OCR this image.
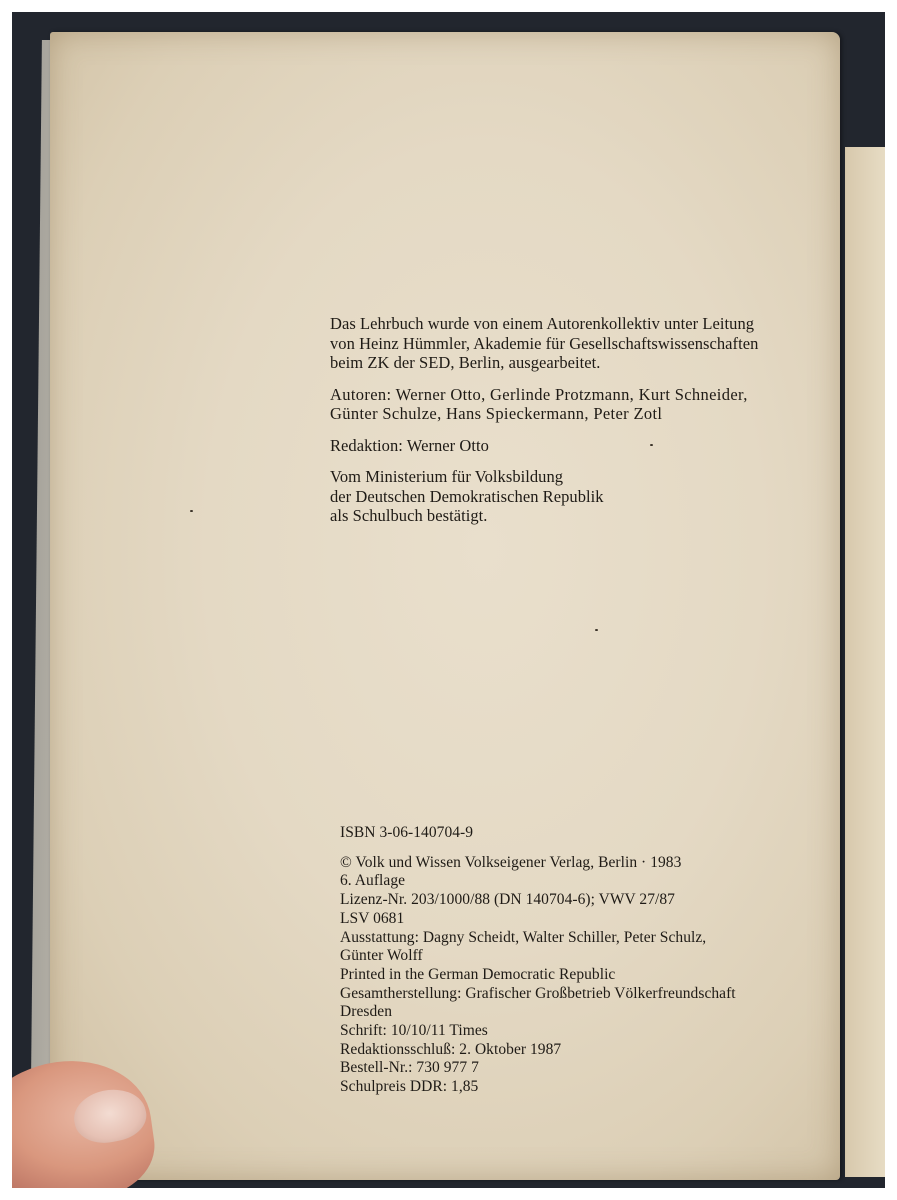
Das Lehrbuch wurde von einem Autorenkollektiv unter Leitung
von Heinz Hümmler, Akademie für Gesellschaftswissenschaften
beim ZK der SED, Berlin, ausgearbeitet.
Autoren: Werner Otto, Gerlinde Protzmann, Kurt Schneider,
Günter Schulze, Hans Spieckermann, Peter Zotl
Redaktion: Werner Otto
Vom Ministerium für Volksbildung
der Deutschen Demokratischen Republik
als Schulbuch bestätigt.
ISBN 3-06-140704-9
© Volk und Wissen Volkseigener Verlag, Berlin · 1983
6. Auflage
Lizenz-Nr. 203/1000/88 (DN 140704-6); VWV 27/87
LSV 0681
Ausstattung: Dagny Scheidt, Walter Schiller, Peter Schulz,
Günter Wolff
Printed in the German Democratic Republic
Gesamtherstellung: Grafischer Großbetrieb Völkerfreundschaft
Dresden
Schrift: 10/10/11 Times
Redaktionsschluß: 2. Oktober 1987
Bestell-Nr.: 730 977 7
Schulpreis DDR: 1,85
